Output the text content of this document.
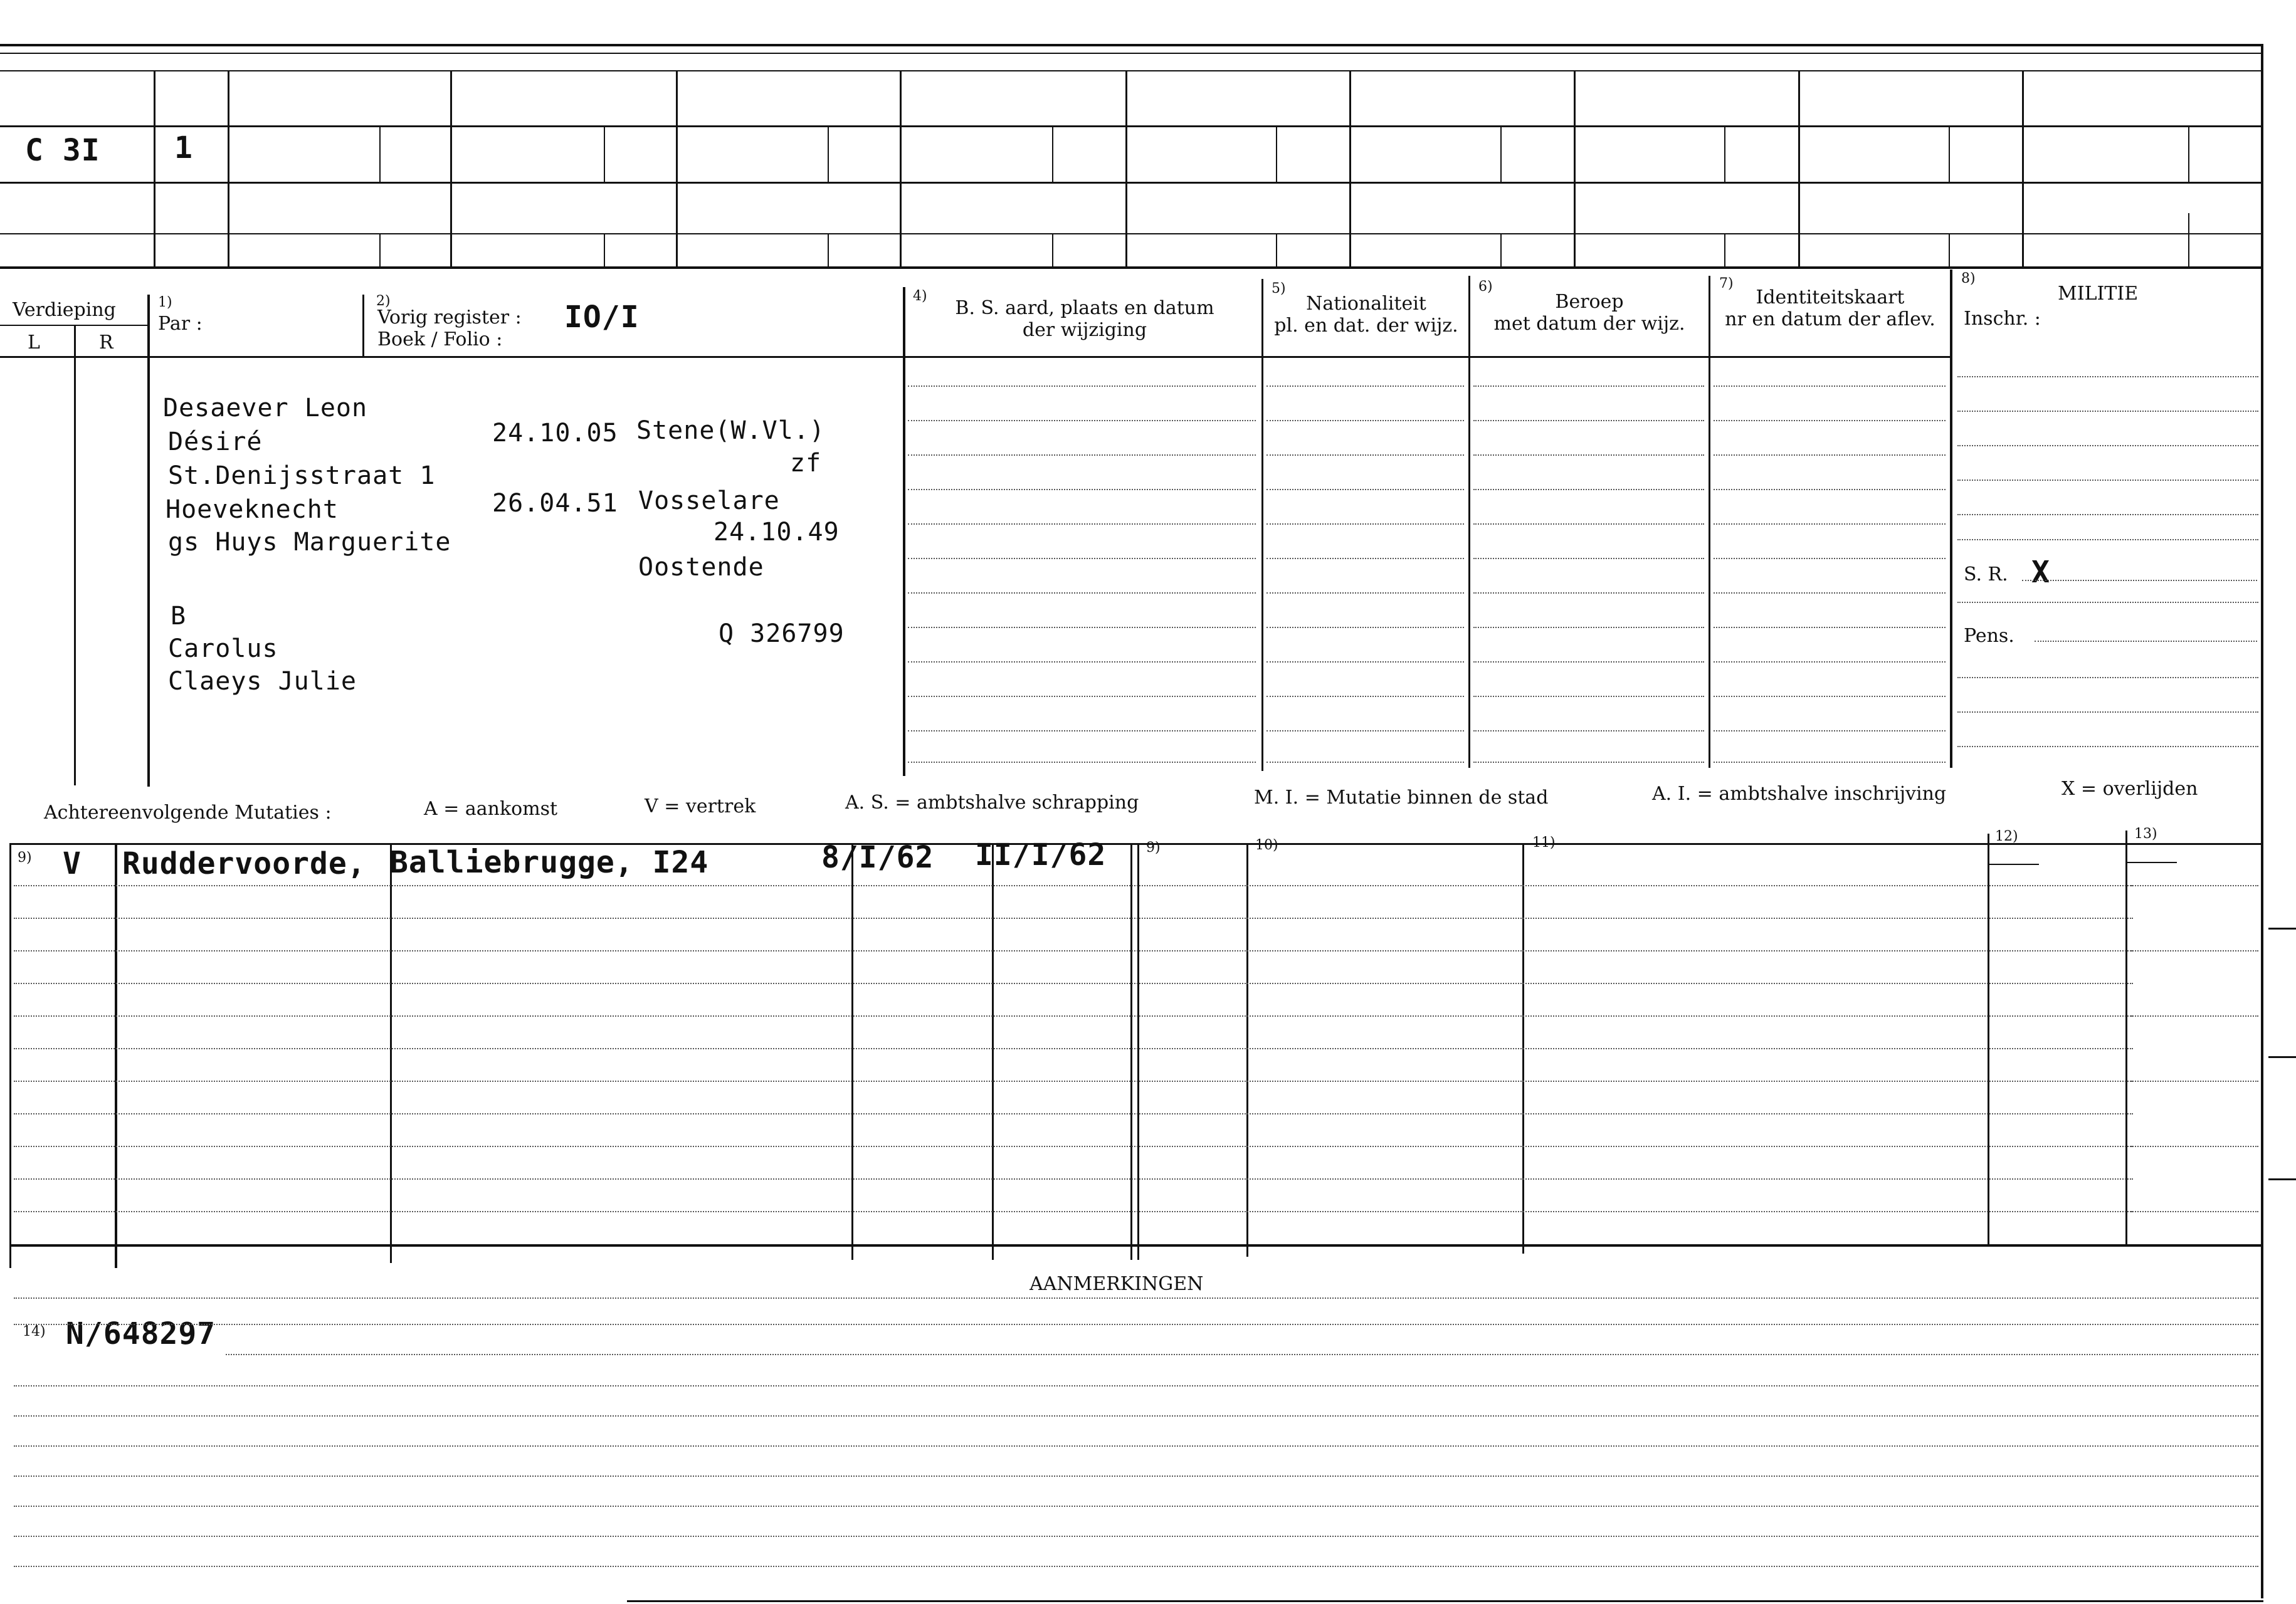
C 3I 1
Verdieping
L	R
1)
Par :
2)
Vorig register : IO/I
Boek / Folio :
4)
B. S. aard, plaats en datum
der wijziging
5)
Nationaliteit
pl. en dat. der wijz.
6)
Beroep
met datum der wijz.
7)
Identiteitskaart
nr en datum der aflev.
8)
MILITIE
Inschr. :
S. R. X
Pens.
Desaever Leon
Désiré
St.Denijsstraat 1
Hoeveknecht
gs Huys Marguerite
B
Carolus
Claeys Julie
24.10.05 Stene(W.Vl.)
zf
26.04.51 Vosselare
24.10.49
Oostende
Q 326799
Achtereenvolgende Mutaties :	A = aankomst	V = vertrek	A. S. = ambtshalve schrapping	M. I. = Mutatie binnen de stad	A. I. = ambtshalve inschrijving	X = overlijden
9)
9)	10)	11)	12)	13)
V Ruddervoorde, Balliebrugge, I24	8/I/62 II/I/62
AANMERKINGEN
14) N/648297
